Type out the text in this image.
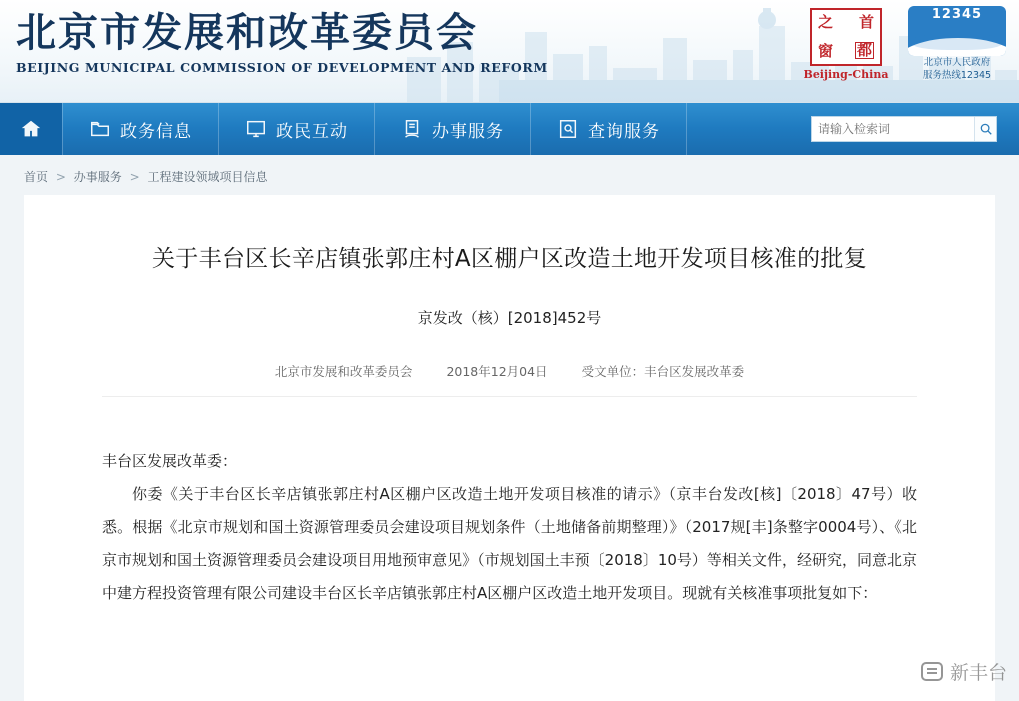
北京市发展和改革委员会
BEIJING MUNICIPAL COMMISSION OF DEVELOPMENT AND REFORM
之 首
窗 都
Beijing-China
12345
北京市人民政府
服务热线12345
政务信息	政民互动	办事服务	查询服务
请输入检索词
首页 > 办事服务 > 工程建设领域项目信息
关于丰台区长辛店镇张郭庄村A区棚户区改造土地开发项目核准的批复
京发改（核）[2018]452号
北京市发展和改革委员会	2018年12月04日	受文单位：丰台区发展改革委

丰台区发展改革委：

你委《关于丰台区长辛店镇张郭庄村A区棚户区改造土地开发项目核准的请示》（京丰台发改[核]〔2018〕47号）收悉。根据《北京市规划和国土资源管理委员会建设项目规划条件（土地储备前期整理）》（2017规[丰]条整字0004号）、《北京市规划和国土资源管理委员会建设项目用地预审意见》（市规划国土丰预〔2018〕10号）等相关文件，经研究，同意北京中建方程投资管理有限公司建设丰台区长辛店镇张郭庄村A区棚户区改造土地开发项目。现就有关核准事项批复如下：

新丰台
